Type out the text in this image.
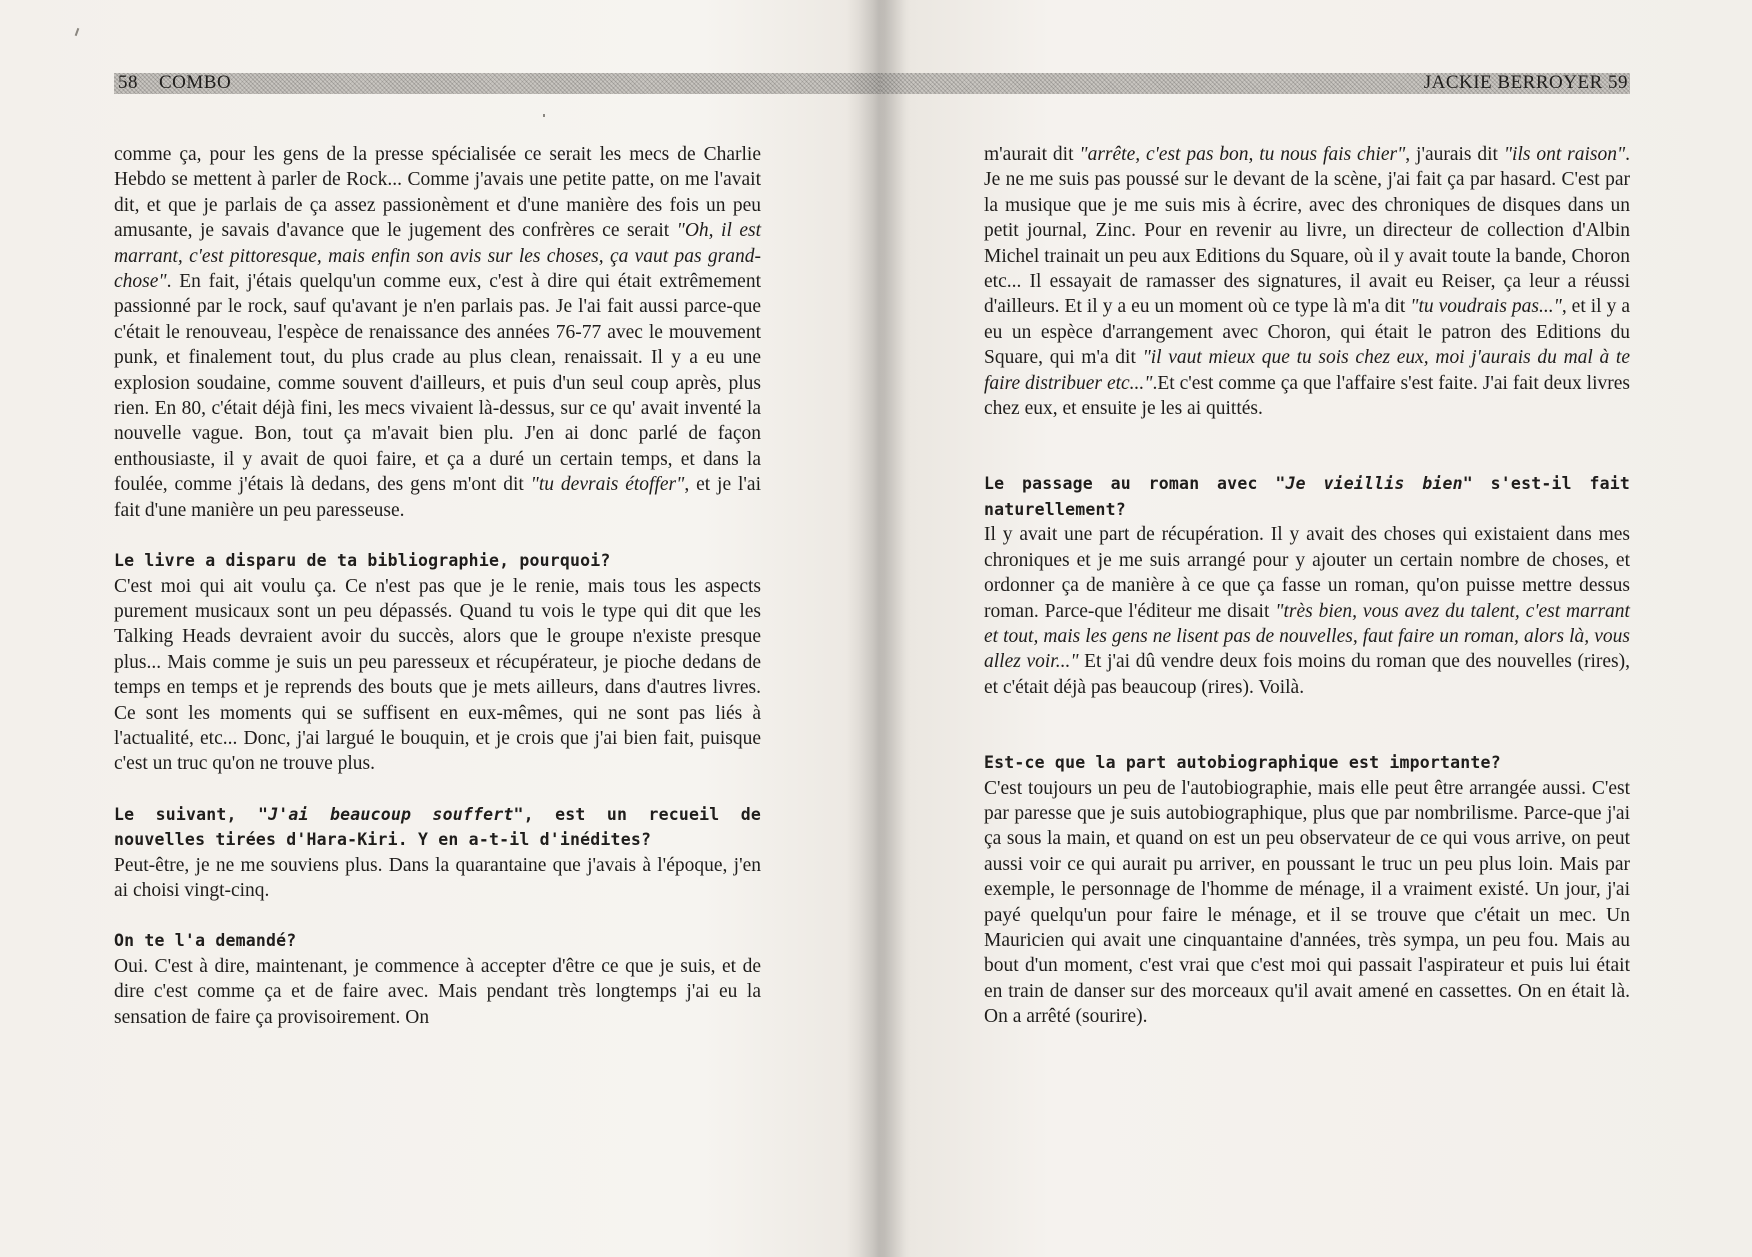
58    COMBO	JACKIE BERROYER 59

comme ça, pour les gens de la presse spécialisée ce serait les mecs de Charlie Hebdo se mettent à parler de Rock... Comme j'avais une petite patte, on me l'avait dit, et que je parlais de ça assez passionèment et d'une manière des fois un peu amusante, je savais d'avance que le jugement des confrères ce serait "Oh, il est marrant, c'est pittoresque, mais enfin son avis sur les choses, ça vaut pas grand-chose". En fait, j'étais quelqu'un comme eux, c'est à dire qui était extrêmement passionné par le rock, sauf qu'avant je n'en parlais pas. Je l'ai fait aussi parce-que c'était le renouveau, l'espèce de renaissance des années 76-77 avec le mouvement punk, et finalement tout, du plus crade au plus clean, renaissait. Il y a eu une explosion soudaine, comme souvent d'ailleurs, et puis d'un seul coup après, plus rien. En 80, c'était déjà fini, les mecs vivaient là-dessus, sur ce qu' avait inventé la nouvelle vague. Bon, tout ça m'avait bien plu. J'en ai donc parlé de façon enthousiaste, il y avait de quoi faire, et ça a duré un certain temps, et dans la foulée, comme j'étais là dedans, des gens m'ont dit "tu devrais étoffer", et je l'ai fait d'une manière un peu paresseuse.

Le livre a disparu de ta bibliographie, pourquoi?

C'est moi qui ait voulu ça. Ce n'est pas que je le renie, mais tous les aspects purement musicaux sont un peu dépassés. Quand tu vois le type qui dit que les Talking Heads devraient avoir du succès, alors que le groupe n'existe presque plus... Mais comme je suis un peu paresseux et récupérateur, je pioche dedans de temps en temps et je reprends des bouts que je mets ailleurs, dans d'autres livres. Ce sont les moments qui se suffisent en eux-mêmes, qui ne sont pas liés à l'actualité, etc... Donc, j'ai largué le bouquin, et je crois que j'ai bien fait, puisque c'est un truc qu'on ne trouve plus.

Le suivant, "J'ai beaucoup souffert", est un recueil de nouvelles tirées d'Hara-Kiri. Y en a-t-il d'inédites?

Peut-être, je ne me souviens plus. Dans la quarantaine que j'avais à l'époque, j'en ai choisi vingt-cinq.

On te l'a demandé?

Oui. C'est à dire, maintenant, je commence à accepter d'être ce que je suis, et de dire c'est comme ça et de faire avec. Mais pendant très longtemps j'ai eu la sensation de faire ça provisoirement. On

m'aurait dit "arrête, c'est pas bon, tu nous fais chier", j'aurais dit "ils ont raison". Je ne me suis pas poussé sur le devant de la scène, j'ai fait ça par hasard. C'est par la musique que je me suis mis à écrire, avec des chroniques de disques dans un petit journal, Zinc. Pour en revenir au livre, un directeur de collection d'Albin Michel trainait un peu aux Editions du Square, où il y avait toute la bande, Choron etc... Il essayait de ramasser des signatures, il avait eu Reiser, ça leur a réussi d'ailleurs. Et il y a eu un moment où ce type là m'a dit "tu voudrais pas...", et il y a eu un espèce d'arrangement avec Choron, qui était le patron des Editions du Square, qui m'a dit "il vaut mieux que tu sois chez eux, moi j'aurais du mal à te faire distribuer etc...".Et c'est comme ça que l'affaire s'est faite. J'ai fait deux livres chez eux, et ensuite je les ai quittés.

Le passage au roman avec "Je vieillis bien" s'est-il fait naturellement?

Il y avait une part de récupération. Il y avait des choses qui existaient dans mes chroniques et je me suis arrangé pour y ajouter un certain nombre de choses, et ordonner ça de manière à ce que ça fasse un roman, qu'on puisse mettre dessus roman. Parce-que l'éditeur me disait "très bien, vous avez du talent, c'est marrant et tout, mais les gens ne lisent pas de nouvelles, faut faire un roman, alors là, vous allez voir..." Et j'ai dû vendre deux fois moins du roman que des nouvelles (rires), et c'était déjà pas beaucoup (rires). Voilà.

Est-ce que la part autobiographique est importante?

C'est toujours un peu de l'autobiographie, mais elle peut être arrangée aussi. C'est par paresse que je suis autobiographique, plus que par nombrilisme. Parce-que j'ai ça sous la main, et quand on est un peu observateur de ce qui vous arrive, on peut aussi voir ce qui aurait pu arriver, en poussant le truc un peu plus loin. Mais par exemple, le personnage de l'homme de ménage, il a vraiment existé. Un jour, j'ai payé quelqu'un pour faire le ménage, et il se trouve que c'était un mec. Un Mauricien qui avait une cinquantaine d'années, très sympa, un peu fou. Mais au bout d'un moment, c'est vrai que c'est moi qui passait l'aspirateur et puis lui était en train de danser sur des morceaux qu'il avait amené en cassettes. On en était là. On a arrêté (sourire).
